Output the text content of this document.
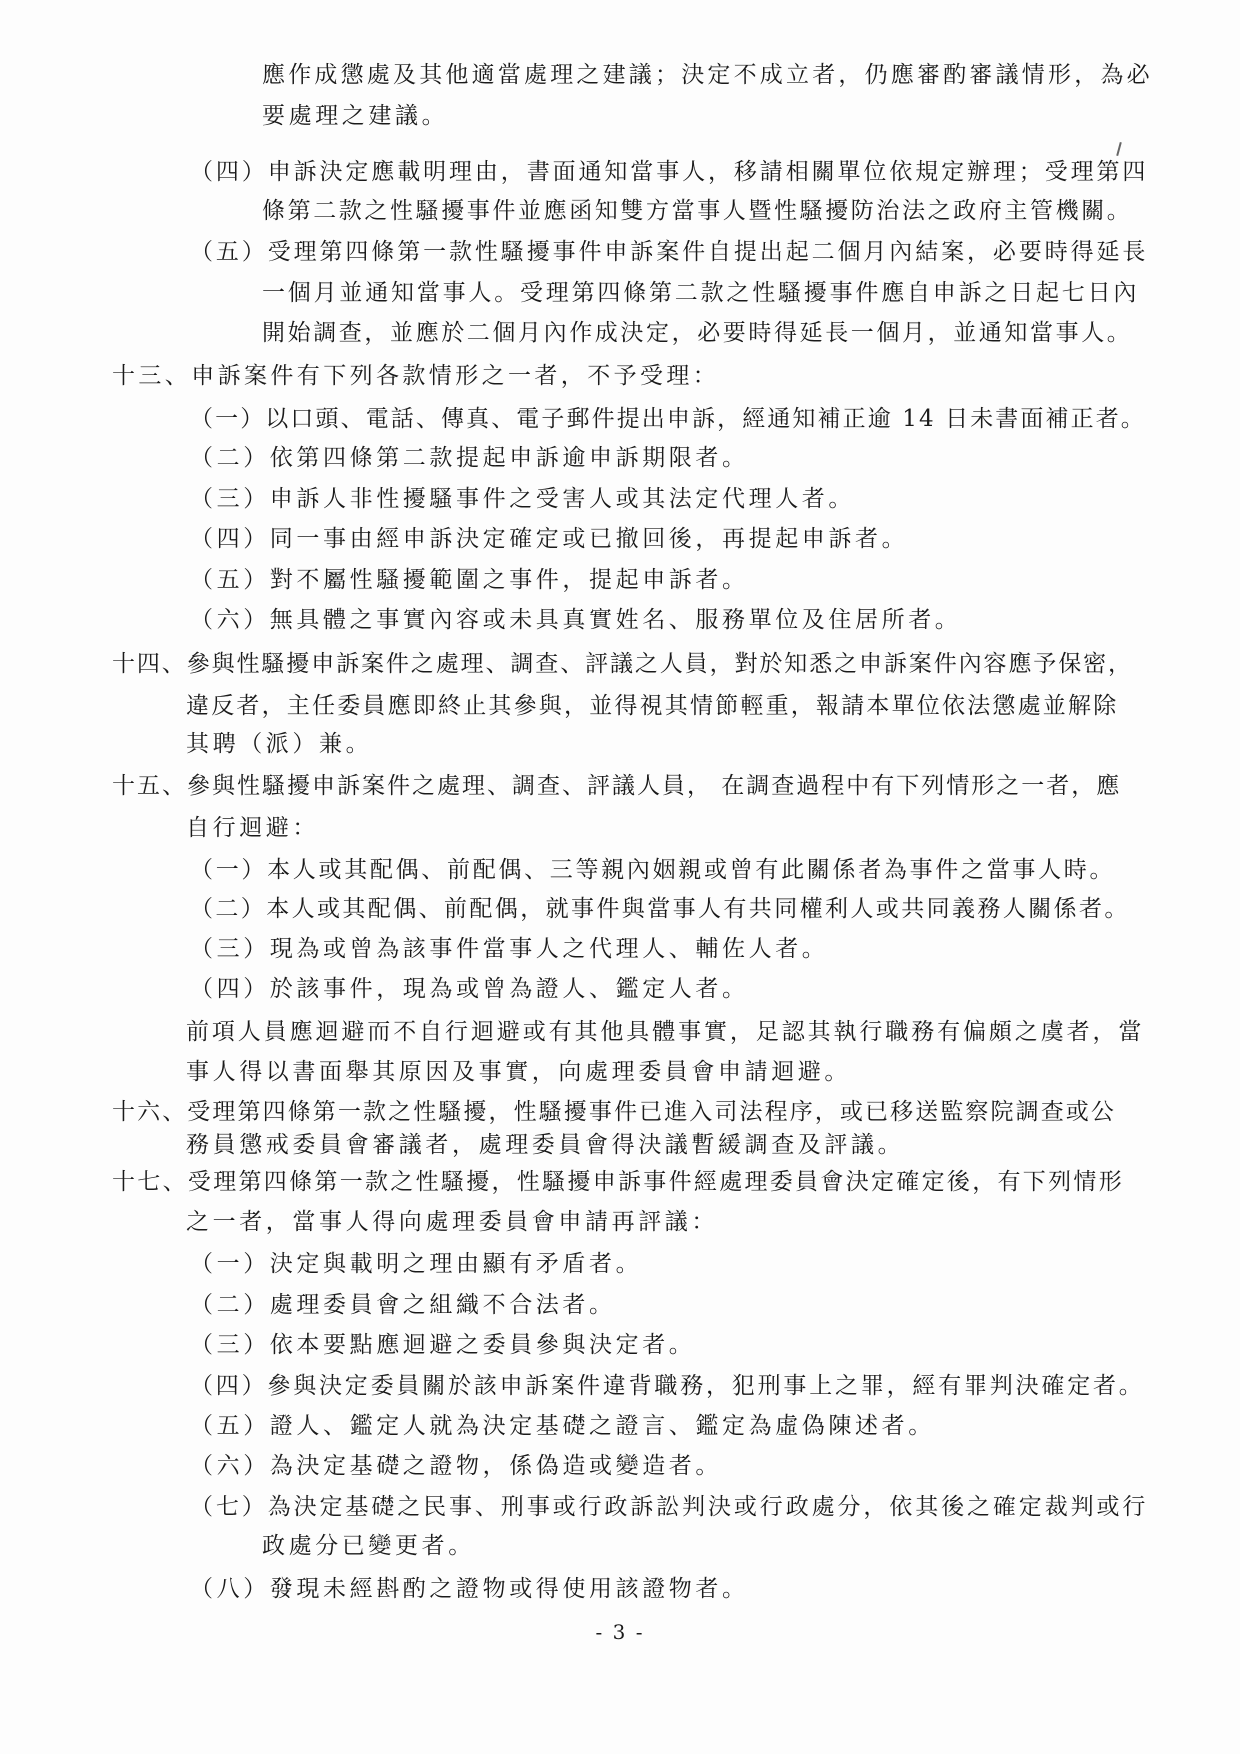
應作成懲處及其他適當處理之建議；決定不成立者，仍應審酌審議情形，為必
要處理之建議。
（四）申訴決定應載明理由，書面通知當事人，移請相關單位依規定辦理；受理第四
條第二款之性騷擾事件並應函知雙方當事人暨性騷擾防治法之政府主管機關。
（五）受理第四條第一款性騷擾事件申訴案件自提出起二個月內結案，必要時得延長
一個月並通知當事人。受理第四條第二款之性騷擾事件應自申訴之日起七日內
開始調查，並應於二個月內作成決定，必要時得延長一個月，並通知當事人。
十三、申訴案件有下列各款情形之一者，不予受理：
（一）以口頭、電話、傳真、電子郵件提出申訴，經通知補正逾 14 日未書面補正者。
（二）依第四條第二款提起申訴逾申訴期限者。
（三）申訴人非性擾騷事件之受害人或其法定代理人者。
（四）同一事由經申訴決定確定或已撤回後，再提起申訴者。
（五）對不屬性騷擾範圍之事件，提起申訴者。
（六）無具體之事實內容或未具真實姓名、服務單位及住居所者。
十四、參與性騷擾申訴案件之處理、調查、評議之人員，對於知悉之申訴案件內容應予保密，
違反者，主任委員應即終止其參與，並得視其情節輕重，報請本單位依法懲處並解除
其聘（派）兼。
十五、參與性騷擾申訴案件之處理、調查、評議人員， 在調查過程中有下列情形之一者，應
自行迴避：
（一）本人或其配偶、前配偶、三等親內姻親或曾有此關係者為事件之當事人時。
（二）本人或其配偶、前配偶，就事件與當事人有共同權利人或共同義務人關係者。
（三）現為或曾為該事件當事人之代理人、輔佐人者。
（四）於該事件，現為或曾為證人、鑑定人者。
前項人員應迴避而不自行迴避或有其他具體事實，足認其執行職務有偏頗之虞者，當
事人得以書面舉其原因及事實，向處理委員會申請迴避。
十六、受理第四條第一款之性騷擾，性騷擾事件已進入司法程序，或已移送監察院調查或公
務員懲戒委員會審議者，處理委員會得決議暫緩調查及評議。
十七、受理第四條第一款之性騷擾，性騷擾申訴事件經處理委員會決定確定後，有下列情形
之一者，當事人得向處理委員會申請再評議：
（一）決定與載明之理由顯有矛盾者。
（二）處理委員會之組織不合法者。
（三）依本要點應迴避之委員參與決定者。
（四）參與決定委員關於該申訴案件違背職務，犯刑事上之罪，經有罪判決確定者。
（五）證人、鑑定人就為決定基礎之證言、鑑定為虛偽陳述者。
（六）為決定基礎之證物，係偽造或變造者。
（七）為決定基礎之民事、刑事或行政訴訟判決或行政處分，依其後之確定裁判或行
政處分已變更者。
（八）發現未經斟酌之證物或得使用該證物者。
- 3 -
